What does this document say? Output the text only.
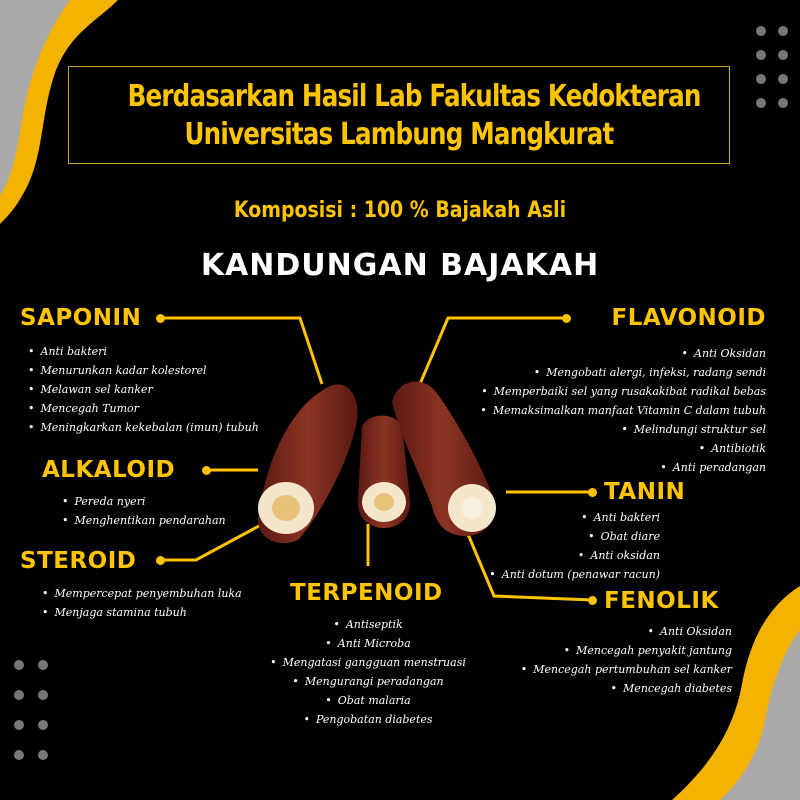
Berdasarkan Hasil Lab Fakultas Kedokteran
Universitas Lambung Mangkurat
Komposisi : 100 % Bajakah Asli
KANDUNGAN BAJAKAH
SAPONIN
• Anti bakteri
• Menurunkan kadar kolestorel
• Melawan sel kanker
• Mencegah Tumor
• Meningkarkan kekebalan (imun) tubuh
ALKALOID
• Pereda nyeri
• Menghentikan pendarahan
STEROID
• Mempercepat penyembuhan luka
• Menjaga stamina tubuh
TERPENOID
• Antiseptik
• Anti Microba
• Mengatasi gangguan menstruasi
• Mengurangi peradangan
• Obat malaria
• Pengobatan diabetes
FLAVONOID
• Anti Oksidan
• Mengobati alergi, infeksi, radang sendi
• Memperbaiki sel yang rusakakibat radikal bebas
• Memaksimalkan manfaat Vitamin C dalam tubuh
• Melindungi struktur sel
• Antibiotik
• Anti peradangan
TANIN
• Anti bakteri
• Obat diare
• Anti oksidan
• Anti dotum (penawar racun)
FENOLIK
• Anti Oksidan
• Mencegah penyakit jantung
• Mencegah pertumbuhan sel kanker
• Mencegah diabetes
